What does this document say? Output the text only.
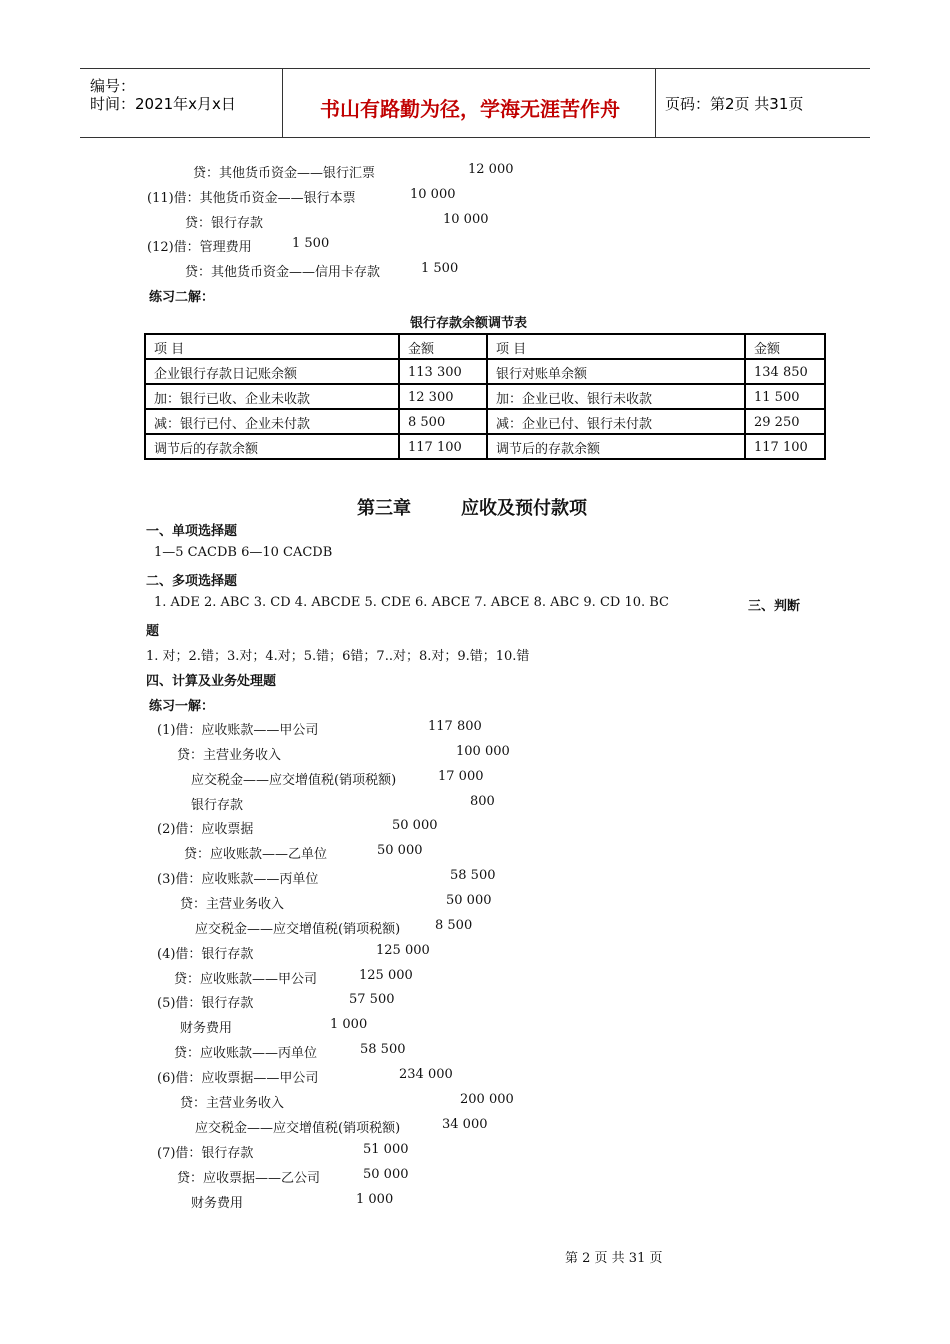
编号：
时间：2021年x月x日	书山有路勤为径，学海无涯苦作舟	页码：第2页 共31页
贷：其他货币资金——银行汇票	12 000
(11)借：其他货币资金——银行本票	10 000
贷：银行存款	10 000
(12)借：管理费用	1 500
贷：其他货币资金——信用卡存款	1 500
练习二解：
银行存款余额调节表
项 目	金额	项 目	金额
企业银行存款日记账余额	113 300	银行对账单余额	134 850
加：银行已收、企业未收款	12 300	加：企业已收、银行未收款	11 500
减：银行已付、企业未付款	8 500	减：企业已付、银行未付款	29 250
调节后的存款余额	117 100	调节后的存款余额	117 100
第三章	应收及预付款项
一、单项选择题
1—5 CACDB 6—10 CACDB
二、多项选择题
1. ADE 2. ABC 3. CD 4. ABCDE 5. CDE 6. ABCE 7. ABCE 8. ABC 9. CD 10. BC	三、判断
题
1. 对；2.错；3.对；4.对；5.错；6错；7..对；8.对；9.错；10.错
四、计算及业务处理题
练习一解：
(1)借：应收账款——甲公司	117 800
贷：主营业务收入	100 000
应交税金——应交增值税(销项税额)	17 000
银行存款	800
(2)借：应收票据	50 000
贷：应收账款——乙单位	50 000
(3)借：应收账款——丙单位	58 500
贷：主营业务收入	50 000
应交税金——应交增值税(销项税额)	8 500
(4)借：银行存款	125 000
贷：应收账款——甲公司	125 000
(5)借：银行存款	57 500
财务费用	1 000
贷：应收账款——丙单位	58 500
(6)借：应收票据——甲公司	234 000
贷：主营业务收入	200 000
应交税金——应交增值税(销项税额)	34 000
(7)借：银行存款	51 000
贷：应收票据——乙公司	50 000
财务费用	1 000
第 2 页 共 31 页
